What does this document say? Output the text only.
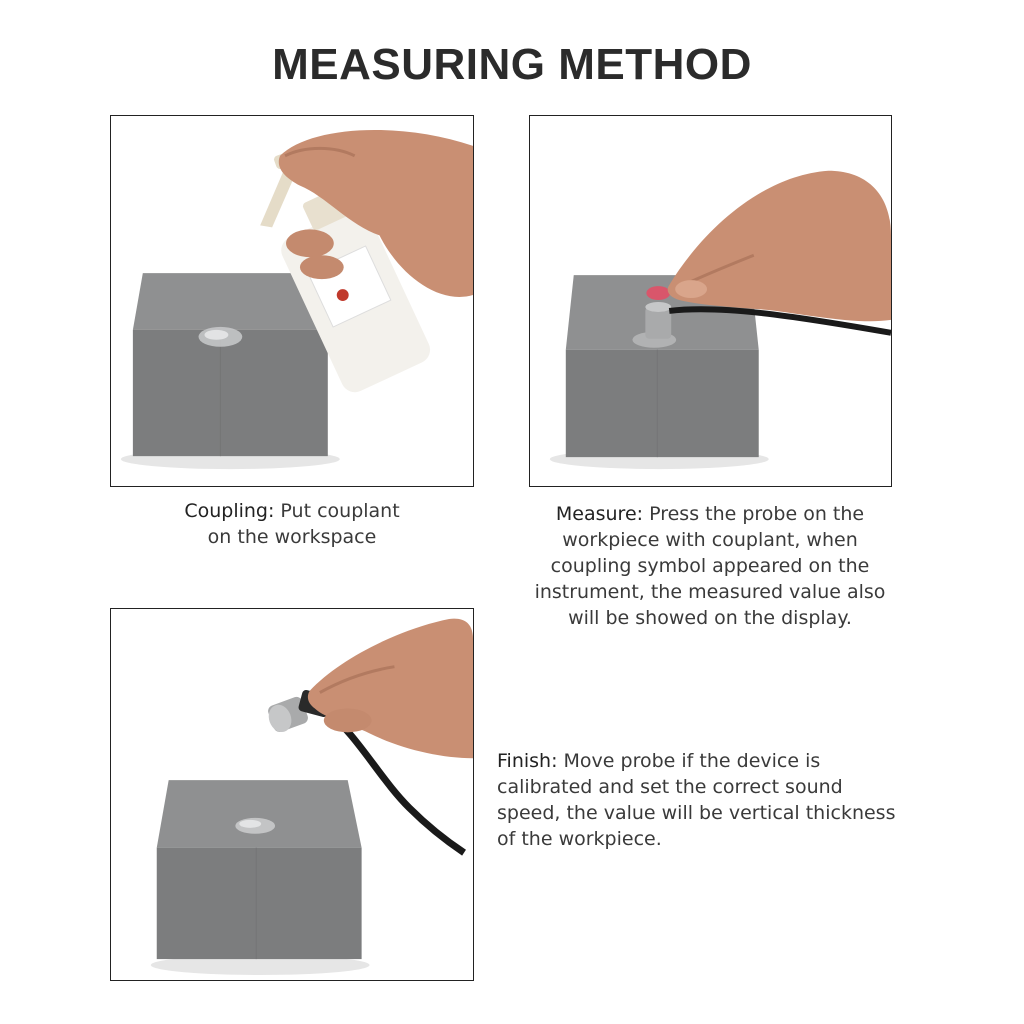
MEASURING METHOD
Coupling: Put couplant
on the workspace
Measure: Press the probe on the
workpiece with couplant, when
coupling symbol appeared on the
instrument, the measured value also
will be showed on the display.
Finish: Move probe if the device is
calibrated and set the correct sound
speed, the value will be vertical thickness
of the workpiece.
